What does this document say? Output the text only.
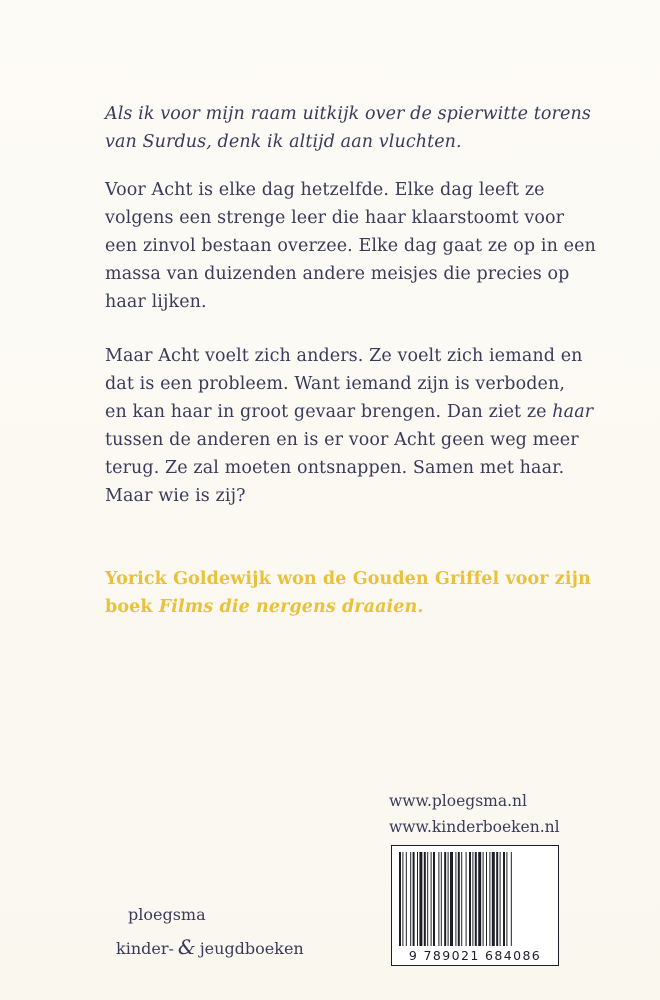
Als ik voor mijn raam uitkijk over de spierwitte torens
van Surdus, denk ik altijd aan vluchten.
Voor Acht is elke dag hetzelfde. Elke dag leeft ze
volgens een strenge leer die haar klaarstoomt voor
een zinvol bestaan overzee. Elke dag gaat ze op in een
massa van duizenden andere meisjes die precies op
haar lijken.
Maar Acht voelt zich anders. Ze voelt zich iemand en
dat is een probleem. Want iemand zijn is verboden,
en kan haar in groot gevaar brengen. Dan ziet ze haar
tussen de anderen en is er voor Acht geen weg meer
terug. Ze zal moeten ontsnappen. Samen met haar.
Maar wie is zij?
Yorick Goldewijk won de Gouden Griffel voor zijn
boek Films die nergens draaien.
www.ploegsma.nl
www.kinderboeken.nl
9 789021 684086
ploegsma
kinder- & jeugdboeken
